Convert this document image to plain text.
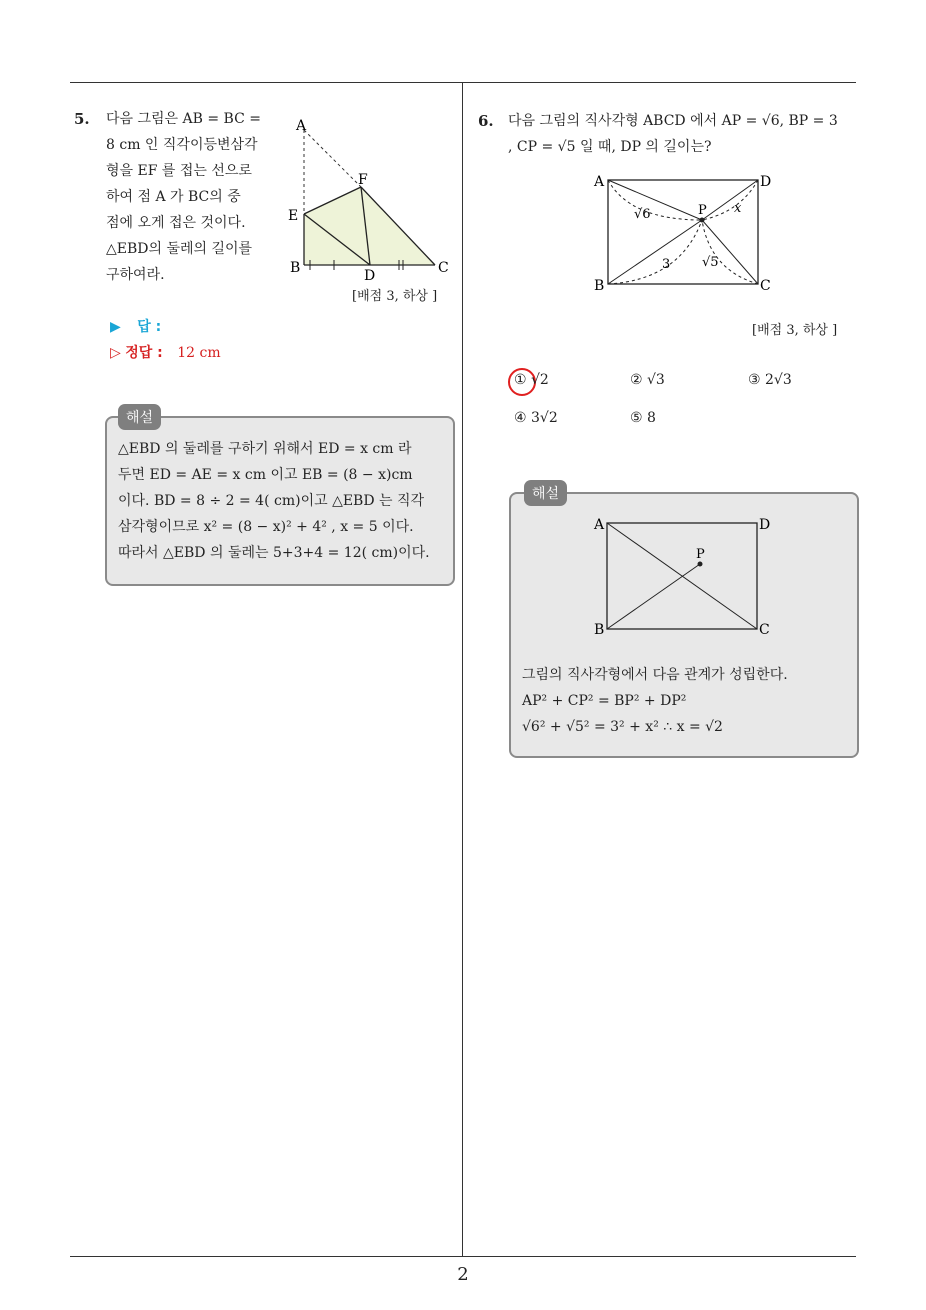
2
5. 다음 그림은 AB = BC =
8 cm 인 직각이등변삼각
형을 EF 를 접는 선으로
하여 점 A 가 BC의 중
점에 오게 접은 것이다.
△EBD의 둘레의 길이를
구하여라.
A
F
E
B	D	C
[배점 3, 하상 ]
▶ 답 :
▷ 정답 : 12 cm
해설
△EBD 의 둘레를 구하기 위해서 ED = x cm 라
두면 ED = AE = x cm 이고 EB = (8 − x)cm
이다. BD = 8 ÷ 2 = 4( cm)이고 △EBD 는 직각
삼각형이므로 x² = (8 − x)² + 4² , x = 5 이다.
따라서 △EBD 의 둘레는 5+3+4 = 12( cm)이다.
6. 다음 그림의 직사각형 ABCD 에서 AP = √6, BP = 3
, CP = √5 일 때, DP 의 길이는?
A	D
B	C
P
√6
3 √5
x
[배점 3, 하상 ]
① √2	② √3	③ 2√3
④ 3√2	⑤ 8
해설
A	D
B	C
P
그림의 직사각형에서 다음 관계가 성립한다.
AP² + CP² = BP² + DP²
√6² + √5² = 3² + x² ∴ x = √2
